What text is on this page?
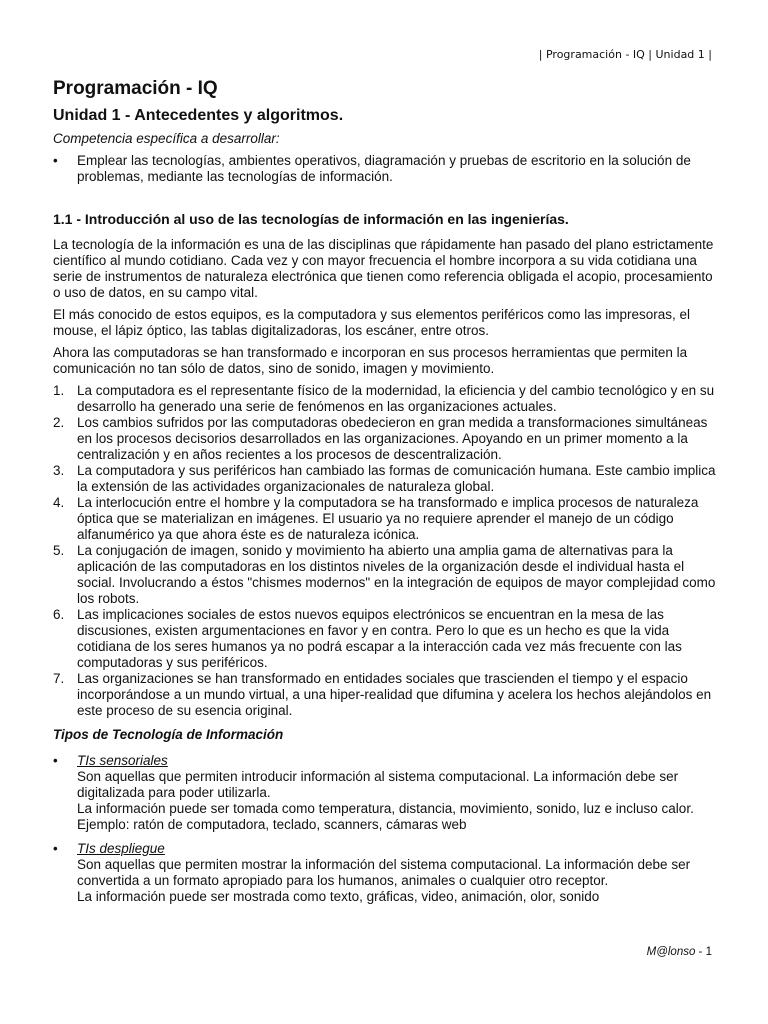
| Programación - IQ | Unidad 1 |
Programación - IQ
Unidad 1 - Antecedentes y algoritmos.
Competencia específica a desarrollar:
• Emplear las tecnologías, ambientes operativos, diagramación y pruebas de escritorio en la solución de problemas, mediante las tecnologías de información.
1.1 - Introducción al uso de las tecnologías de información en las ingenierías.

La tecnología de la información es una de las disciplinas que rápidamente han pasado del plano estrictamente científico al mundo cotidiano. Cada vez y con mayor frecuencia el hombre incorpora a su vida cotidiana una serie de instrumentos de naturaleza electrónica que tienen como referencia obligada el acopio, procesamiento o uso de datos, en su campo vital.

El más conocido de estos equipos, es la computadora y sus elementos periféricos como las impresoras, el mouse, el lápiz óptico, las tablas digitalizadoras, los escáner, entre otros.

Ahora las computadoras se han transformado e incorporan en sus procesos herramientas que permiten la comunicación no tan sólo de datos, sino de sonido, imagen y movimiento.

1. La computadora es el representante físico de la modernidad, la eficiencia y del cambio tecnológico y en su desarrollo ha generado una serie de fenómenos en las organizaciones actuales.
2. Los cambios sufridos por las computadoras obedecieron en gran medida a transformaciones simultáneas en los procesos decisorios desarrollados en las organizaciones. Apoyando en un primer momento a la centralización y en años recientes a los procesos de descentralización.
3. La computadora y sus periféricos han cambiado las formas de comunicación humana. Este cambio implica la extensión de las actividades organizacionales de naturaleza global.
4. La interlocución entre el hombre y la computadora se ha transformado e implica procesos de naturaleza óptica que se materializan en imágenes. El usuario ya no requiere aprender el manejo de un código alfanumérico ya que ahora éste es de naturaleza icónica.
5. La conjugación de imagen, sonido y movimiento ha abierto una amplia gama de alternativas para la aplicación de las computadoras en los distintos niveles de la organización desde el individual hasta el social. Involucrando a éstos "chismes modernos" en la integración de equipos de mayor complejidad como los robots.
6. Las implicaciones sociales de estos nuevos equipos electrónicos se encuentran en la mesa de las discusiones, existen argumentaciones en favor y en contra. Pero lo que es un hecho es que la vida cotidiana de los seres humanos ya no podrá escapar a la interacción cada vez más frecuente con las computadoras y sus periféricos.
7. Las organizaciones se han transformado en entidades sociales que trascienden el tiempo y el espacio incorporándose a un mundo virtual, a una hiper-realidad que difumina y acelera los hechos alejándolos en este proceso de su esencia original.
Tipos de Tecnología de Información
• TIs sensoriales
Son aquellas que permiten introducir información al sistema computacional. La información debe ser digitalizada para poder utilizarla.
La información puede ser tomada como temperatura, distancia, movimiento, sonido, luz e incluso calor.
Ejemplo: ratón de computadora, teclado, scanners, cámaras web
• TIs despliegue
Son aquellas que permiten mostrar la información del sistema computacional. La información debe ser convertida a un formato apropiado para los humanos, animales o cualquier otro receptor.
La información puede ser mostrada como texto, gráficas, video, animación, olor, sonido
M@lonso - 1
